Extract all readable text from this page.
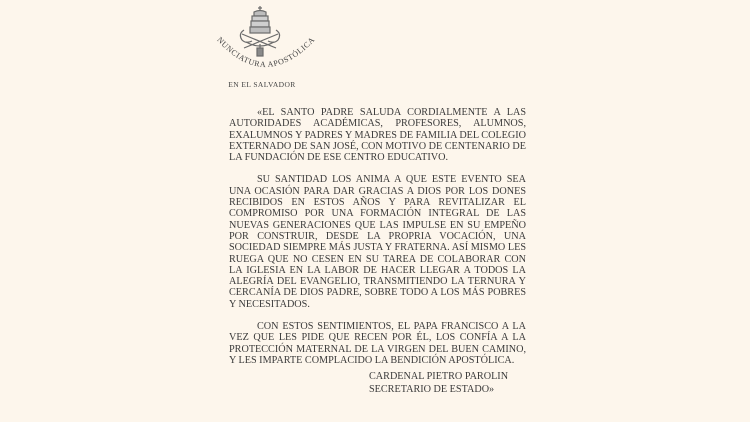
NUNCIATURA APOSTÓLICA
EN EL SALVADOR

«EL SANTO PADRE SALUDA CORDIALMENTE A LAS AUTORIDADES ACADÉMICAS, PROFESORES, ALUMNOS, EXALUMNOS Y PADRES Y MADRES DE FAMILIA DEL COLEGIO EXTERNADO DE SAN JOSÉ, CON MOTIVO DE CENTENARIO DE LA FUNDACIÓN DE ESE CENTRO EDUCATIVO.

SU SANTIDAD LOS ANIMA A QUE ESTE EVENTO SEA UNA OCASIÓN PARA DAR GRACIAS A DIOS POR LOS DONES RECIBIDOS EN ESTOS AÑOS Y PARA REVITALIZAR EL COMPROMISO POR UNA FORMACIÓN INTEGRAL DE LAS NUEVAS GENERACIONES QUE LAS IMPULSE EN SU EMPEÑO POR CONSTRUIR, DESDE LA PROPRIA VOCACIÓN, UNA SOCIEDAD SIEMPRE MÁS JUSTA Y FRATERNA. ASÍ MISMO LES RUEGA QUE NO CESEN EN SU TAREA DE COLABORAR CON LA IGLESIA EN LA LABOR DE HACER LLEGAR A TODOS LA ALEGRÍA DEL EVANGELIO, TRANSMITIENDO LA TERNURA Y CERCANÍA DE DIOS PADRE, SOBRE TODO A LOS MÁS POBRES Y NECESITADOS.

CON ESTOS SENTIMIENTOS, EL PAPA FRANCISCO A LA VEZ QUE LES PIDE QUE RECEN POR ÉL, LOS CONFÍA A LA PROTECCIÓN MATERNAL DE LA VIRGEN DEL BUEN CAMINO, Y LES IMPARTE COMPLACIDO LA BENDICIÓN APOSTÓLICA.

CARDENAL PIETRO PAROLIN
SECRETARIO DE ESTADO»
